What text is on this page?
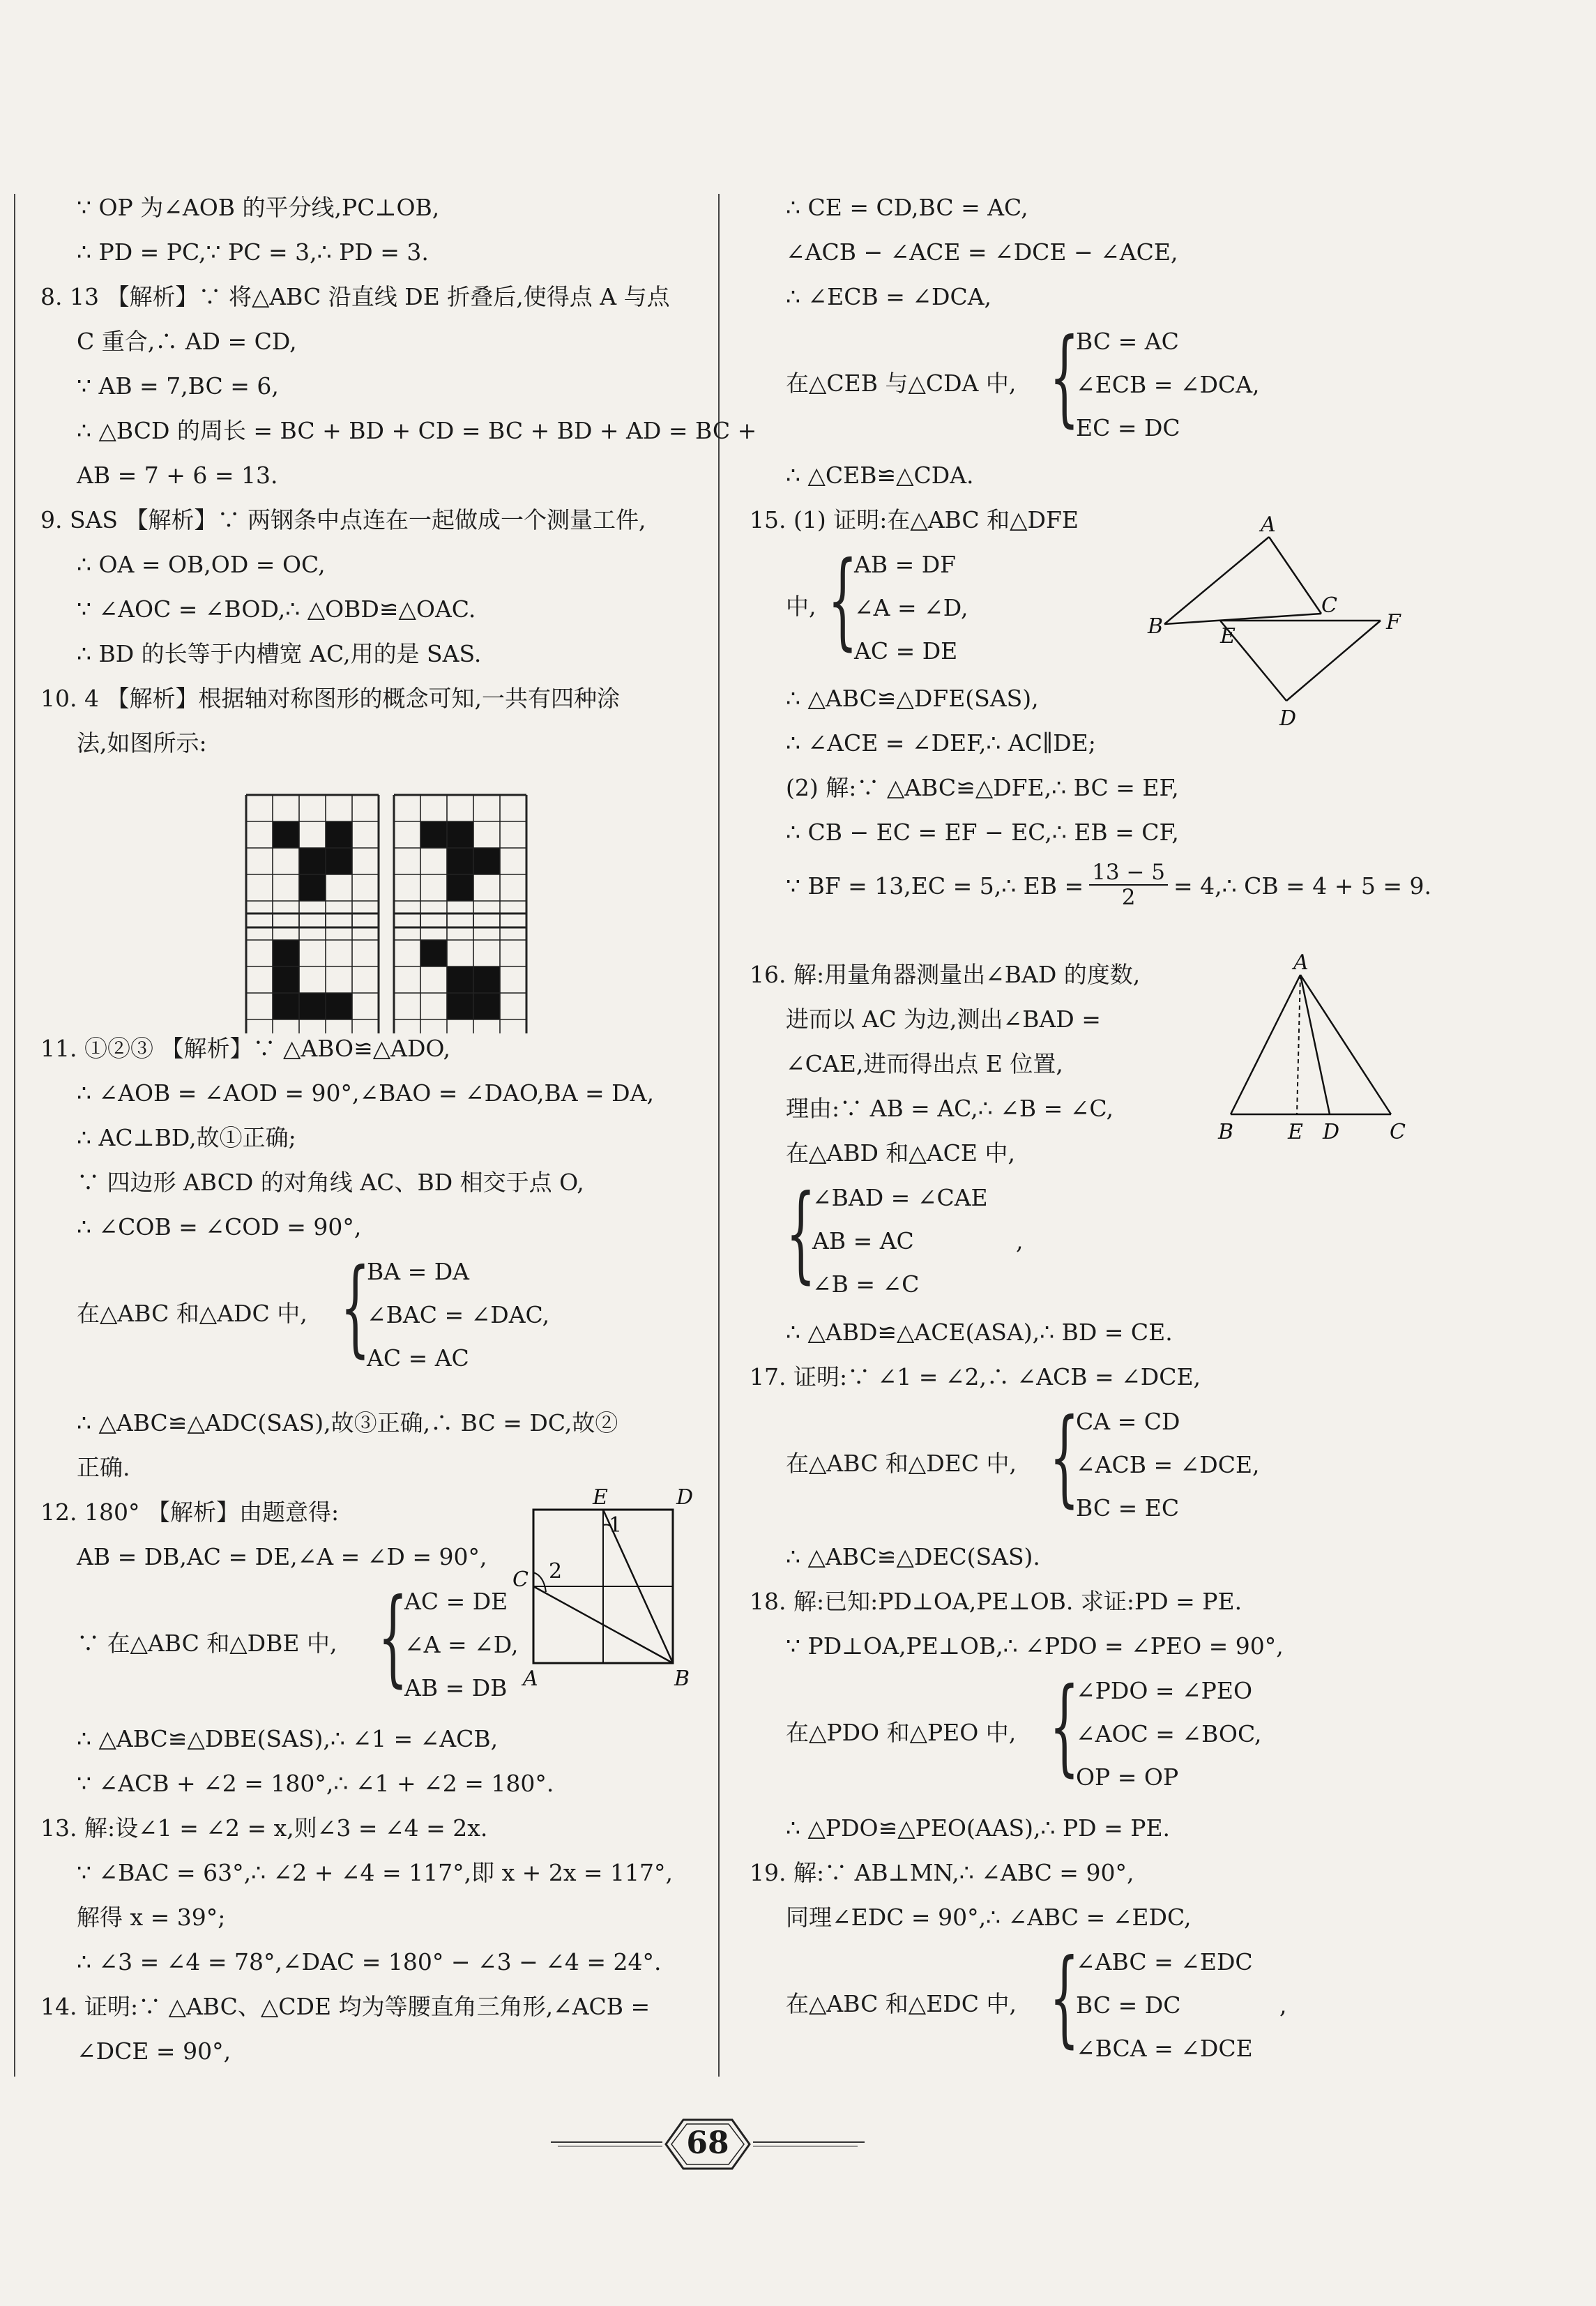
∵ OP 为∠AOB 的平分线,PC⊥OB,
∴ PD = PC,∵ PC = 3,∴ PD = 3.
8. 13 【解析】∵ 将△ABC 沿直线 DE 折叠后,使得点 A 与点
C 重合,∴ AD = CD,
∵ AB = 7,BC = 6,
∴ △BCD 的周长 = BC + BD + CD = BC + BD + AD = BC +
AB = 7 + 6 = 13.
9. SAS 【解析】∵ 两钢条中点连在一起做成一个测量工件,
∴ OA = OB,OD = OC,
∵ ∠AOC = ∠BOD,∴ △OBD≌△OAC.
∴ BD 的长等于内槽宽 AC,用的是 SAS.
10. 4 【解析】根据轴对称图形的概念可知,一共有四种涂
法,如图所示:
11. ①②③ 【解析】∵ △ABO≌△ADO,
∴ ∠AOB = ∠AOD = 90°,∠BAO = ∠DAO,BA = DA,
∴ AC⊥BD,故①正确;
∵ 四边形 ABCD 的对角线 AC、BD 相交于点 O,
∴ ∠COB = ∠COD = 90°,
∴ △ABC≌△ADC(SAS),故③正确,∴ BC = DC,故②
正确.
12. 180° 【解析】由题意得:
AB = DB,AC = DE,∠A = ∠D = 90°,
∴ △ABC≌△DBE(SAS),∴ ∠1 = ∠ACB,
∵ ∠ACB + ∠2 = 180°,∴ ∠1 + ∠2 = 180°.
13. 解:设∠1 = ∠2 = x,则∠3 = ∠4 = 2x.
∵ ∠BAC = 63°,∴ ∠2 + ∠4 = 117°,即 x + 2x = 117°,
解得 x = 39°;
∴ ∠3 = ∠4 = 78°,∠DAC = 180° − ∠3 − ∠4 = 24°.
14. 证明:∵ △ABC、△CDE 均为等腰直角三角形,∠ACB =
∠DCE = 90°,
在△ABC 和△ADC 中, {
BA = DA
∠BAC = ∠DAC,
AC = AC
∵ 在△ABC 和△DBE 中, {
AC = DE
∠A = ∠D,
AB = DB
∴ CE = CD,BC = AC,
∠ACB − ∠ACE = ∠DCE − ∠ACE,
∴ ∠ECB = ∠DCA,
∴ △CEB≌△CDA.
15. (1) 证明:在△ABC 和△DFE
∴ △ABC≌△DFE(SAS),
∴ ∠ACE = ∠DEF,∴ AC∥DE;
(2) 解:∵ △ABC≌△DFE,∴ BC = EF,
∴ CB − EC = EF − EC,∴ EB = CF,
16. 解:用量角器测量出∠BAD 的度数,
进而以 AC 为边,测出∠BAD =
∠CAE,进而得出点 E 位置,
理由:∵ AB = AC,∴ ∠B = ∠C,
在△ABD 和△ACE 中,
∴ △ABD≌△ACE(ASA),∴ BD = CE.
17. 证明:∵ ∠1 = ∠2,∴ ∠ACB = ∠DCE,
∴ △ABC≌△DEC(SAS).
18. 解:已知:PD⊥OA,PE⊥OB. 求证:PD = PE.
∵ PD⊥OA,PE⊥OB,∴ ∠PDO = ∠PEO = 90°,
∴ △PDO≌△PEO(AAS),∴ PD = PE.
19. 解:∵ AB⊥MN,∴ ∠ABC = 90°,
同理∠EDC = 90°,∴ ∠ABC = ∠EDC,
在△CEB 与△CDA 中, {
BC = AC
∠ECB = ∠DCA,
EC = DC
中, {
AB = DF
∠A = ∠D,
AC = DE
{
∠BAD = ∠CAE
AB = AC
∠B = ∠C
,
在△ABC 和△DEC 中, {
CA = CD
∠ACB = ∠DCE,
BC = EC
在△PDO 和△PEO 中, {
∠PDO = ∠PEO
∠AOC = ∠BOC,
OP = OP
在△ABC 和△EDC 中, {
∠ABC = ∠EDC
BC = DC
∠BCA = ∠DCE
,
∵ BF = 13,EC = 5,∴ EB = $\frac{13 - 5}{2}$ = 4,∴ CB = 4 + 5 = 9.
E	D
C
A	B
1
2
A
B	E
C
F
D
A
B	E D C
68
